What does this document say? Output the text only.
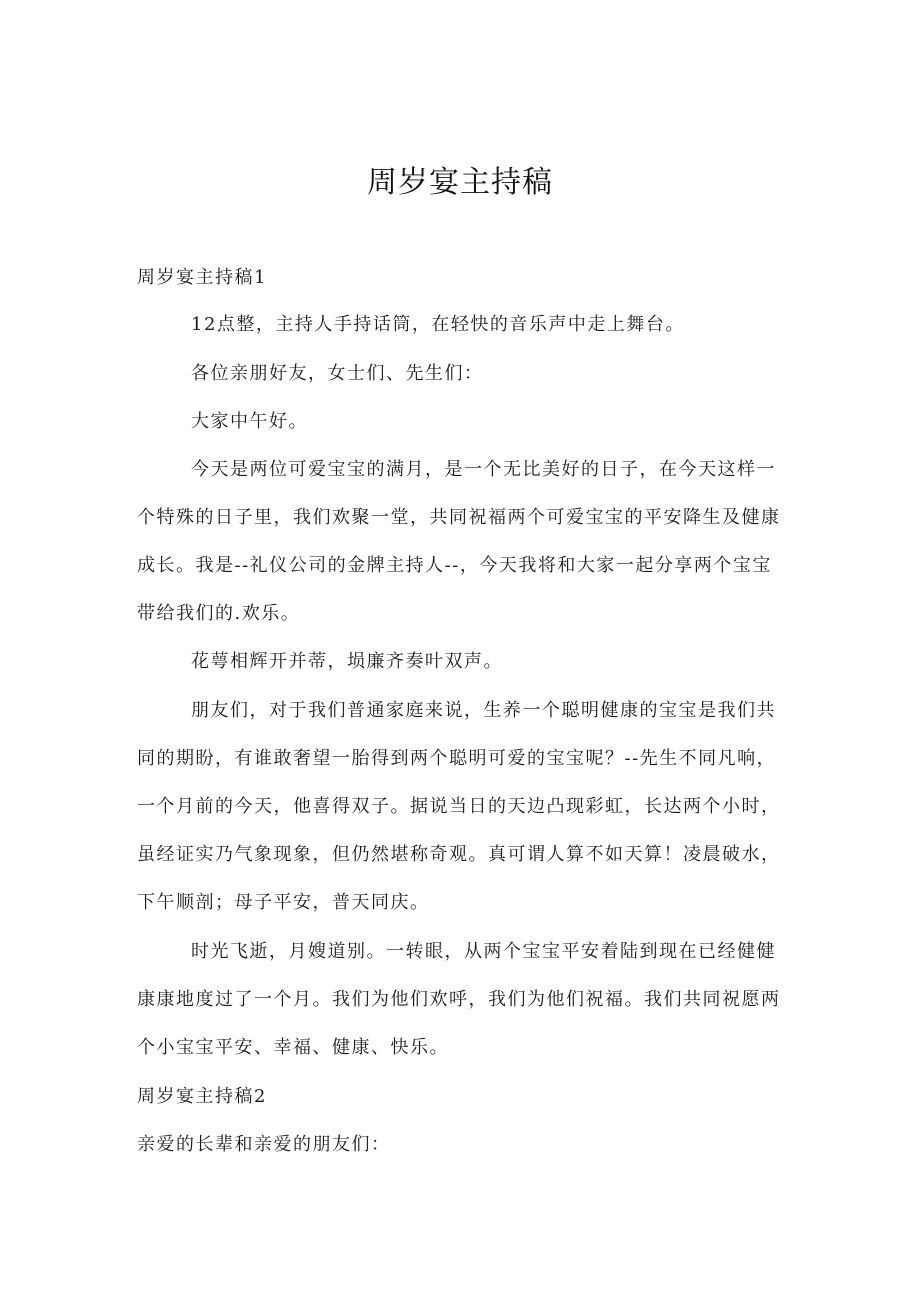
周岁宴主持稿

周岁宴主持稿1

12点整，主持人手持话筒，在轻快的音乐声中走上舞台。

各位亲朋好友，女士们、先生们：

大家中午好。

今天是两位可爱宝宝的满月，是一个无比美好的日子，在今天这样一个特殊的日子里，我们欢聚一堂，共同祝福两个可爱宝宝的平安降生及健康成长。我是--礼仪公司的金牌主持人--，今天我将和大家一起分享两个宝宝带给我们的.欢乐。

花萼相辉开并蒂，埙廉齐奏叶双声。

朋友们，对于我们普通家庭来说，生养一个聪明健康的宝宝是我们共同的期盼，有谁敢奢望一胎得到两个聪明可爱的宝宝呢？--先生不同凡响，一个月前的今天，他喜得双子。据说当日的天边凸现彩虹，长达两个小时，虽经证实乃气象现象，但仍然堪称奇观。真可谓人算不如天算！凌晨破水，下午顺剖；母子平安，普天同庆。

时光飞逝，月嫂道别。一转眼，从两个宝宝平安着陆到现在已经健健康康地度过了一个月。我们为他们欢呼，我们为他们祝福。我们共同祝愿两个小宝宝平安、幸福、健康、快乐。

周岁宴主持稿2

亲爱的长辈和亲爱的朋友们：
